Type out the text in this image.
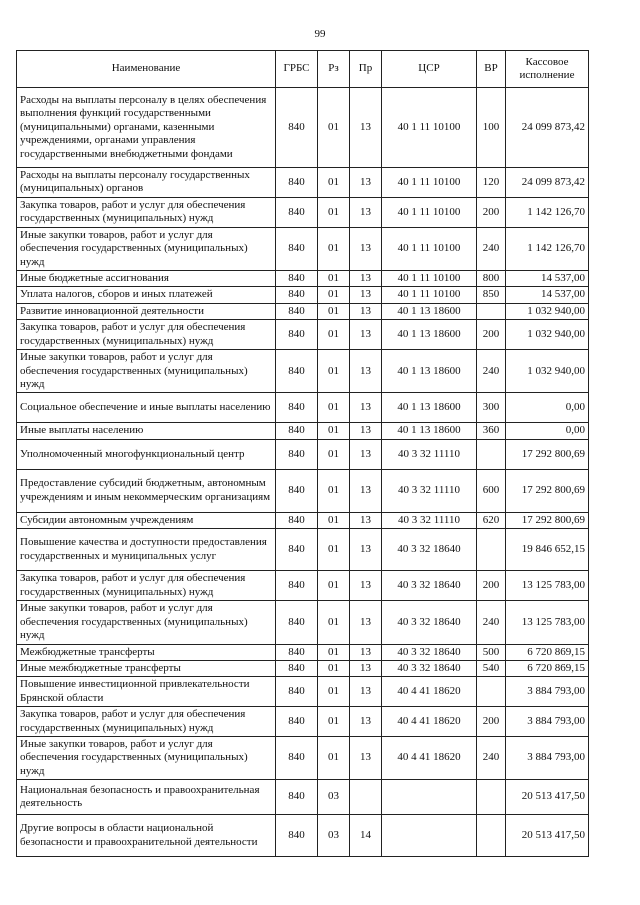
99
Наименование	ГРБС	Рз	Пр	ЦСР	ВР	Кассовое исполнение
Расходы на выплаты персоналу в целях обеспечения выполнения функций государственными (муниципальными) органами, казенными учреждениями, органами управления государственными внебюджетными фондами	840	01	13	40 1 11 10100	100	24 099 873,42
Расходы на выплаты персоналу государственных (муниципальных) органов	840	01	13	40 1 11 10100	120	24 099 873,42
Закупка товаров, работ и услуг для обеспечения государственных (муниципальных) нужд	840	01	13	40 1 11 10100	200	1 142 126,70
Иные закупки товаров, работ и услуг для обеспечения государственных (муниципальных) нужд	840	01	13	40 1 11 10100	240	1 142 126,70
Иные бюджетные ассигнования	840	01	13	40 1 11 10100	800	14 537,00
Уплата налогов, сборов и иных платежей	840	01	13	40 1 11 10100	850	14 537,00
Развитие инновационной деятельности	840	01	13	40 1 13 18600		1 032 940,00
Закупка товаров, работ и услуг для обеспечения государственных (муниципальных) нужд	840	01	13	40 1 13 18600	200	1 032 940,00
Иные закупки товаров, работ и услуг для обеспечения государственных (муниципальных) нужд	840	01	13	40 1 13 18600	240	1 032 940,00
Социальное обеспечение и иные выплаты населению	840	01	13	40 1 13 18600	300	0,00
Иные выплаты населению	840	01	13	40 1 13 18600	360	0,00
Уполномоченный многофункциональный центр	840	01	13	40 3 32 11110		17 292 800,69
Предоставление субсидий бюджетным, автономным учреждениям и иным некоммерческим организациям	840	01	13	40 3 32 11110	600	17 292 800,69
Субсидии автономным учреждениям	840	01	13	40 3 32 11110	620	17 292 800,69
Повышение качества и доступности предоставления государственных и муниципальных услуг	840	01	13	40 3 32 18640		19 846 652,15
Закупка товаров, работ и услуг для обеспечения государственных (муниципальных) нужд	840	01	13	40 3 32 18640	200	13 125 783,00
Иные закупки товаров, работ и услуг для обеспечения государственных (муниципальных) нужд	840	01	13	40 3 32 18640	240	13 125 783,00
Межбюджетные трансферты	840	01	13	40 3 32 18640	500	6 720 869,15
Иные межбюджетные трансферты	840	01	13	40 3 32 18640	540	6 720 869,15
Повышение инвестиционной привлекательности Брянской области	840	01	13	40 4 41 18620		3 884 793,00
Закупка товаров, работ и услуг для обеспечения государственных (муниципальных) нужд	840	01	13	40 4 41 18620	200	3 884 793,00
Иные закупки товаров, работ и услуг для обеспечения государственных (муниципальных) нужд	840	01	13	40 4 41 18620	240	3 884 793,00
Национальная безопасность и правоохранительная деятельность	840	03				20 513 417,50
Другие вопросы в области национальной безопасности и правоохранительной деятельности	840	03	14			20 513 417,50
